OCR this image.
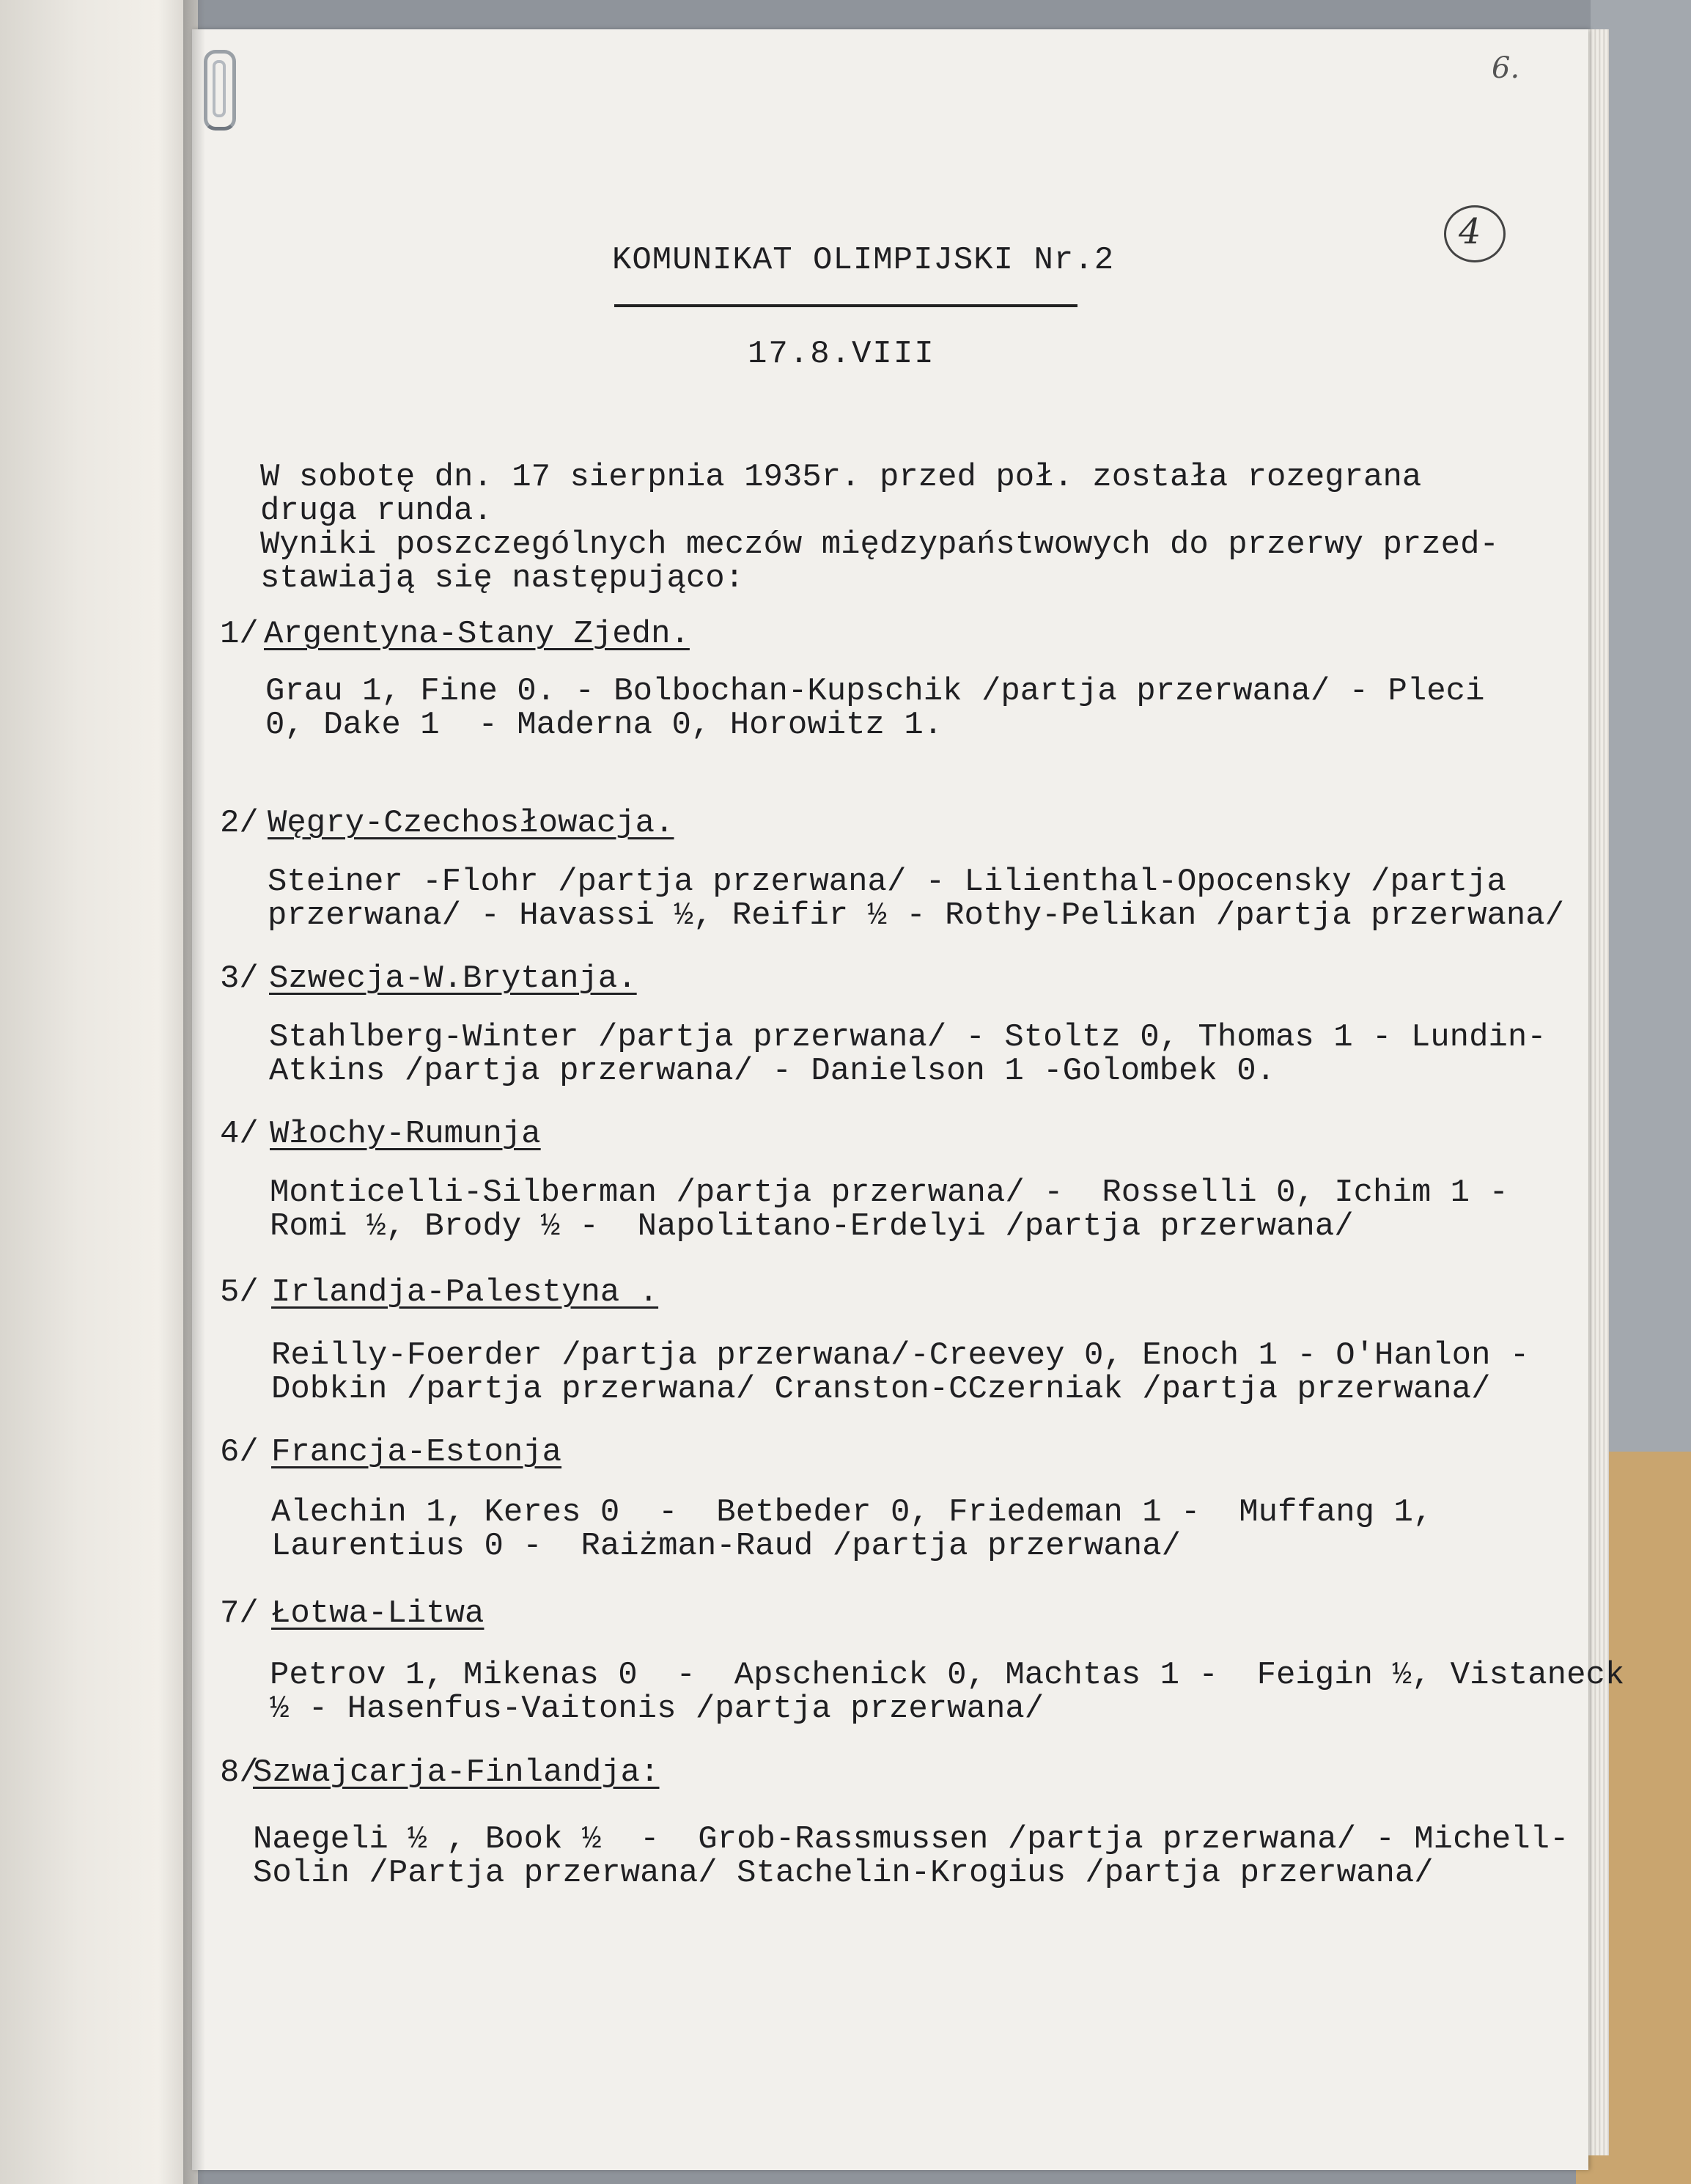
6.
4
KOMUNIKAT OLIMPIJSKI Nr.2
17.8.VIII
W sobotę dn. 17 sierpnia 1935r. przed poł. została rozegrana
druga runda.
Wyniki poszczególnych meczów międzypaństwowych do przerwy przed-
stawiają się następująco:
1/ Argentyna-Stany Zjedn.
Grau 1, Fine 0. - Bolbochan-Kupschik /partja przerwana/ - Pleci
0, Dake 1  - Maderna 0, Horowitz 1.
2/ Węgry-Czechosłowacja.
Steiner -Flohr /partja przerwana/ - Lilienthal-Opocensky /partja
przerwana/ - Havassi ½, Reifir ½ - Rothy-Pelikan /partja przerwana/
3/ Szwecja-W.Brytanja.
Stahlberg-Winter /partja przerwana/ - Stoltz 0, Thomas 1 - Lundin-
Atkins /partja przerwana/ - Danielson 1 -Golombek 0.
4/ Włochy-Rumunja
Monticelli-Silberman /partja przerwana/ -  Rosselli 0, Ichim 1 -
Romi ½, Brody ½ -  Napolitano-Erdelyi /partja przerwana/
5/ Irlandja-Palestyna .
Reilly-Foerder /partja przerwana/-Creevey 0, Enoch 1 - O'Hanlon -
Dobkin /partja przerwana/ Cranston-CCzerniak /partja przerwana/
6/ Francja-Estonja
Alechin 1, Keres 0  -  Betbeder 0, Friedeman 1 -  Muffang 1,
Laurentius 0 -  Raiżman-Raud /partja przerwana/
7/ Łotwa-Litwa
Petrov 1, Mikenas 0  -  Apschenick 0, Machtas 1 -  Feigin ½, Vistaneck
½ - Hasenfus-Vaitonis /partja przerwana/
8/
Szwajcarja-Finlandja:
Naegeli ½ , Book ½  -  Grob-Rassmussen /partja przerwana/ - Michell-
Solin /Partja przerwana/ Stachelin-Krogius /partja przerwana/
